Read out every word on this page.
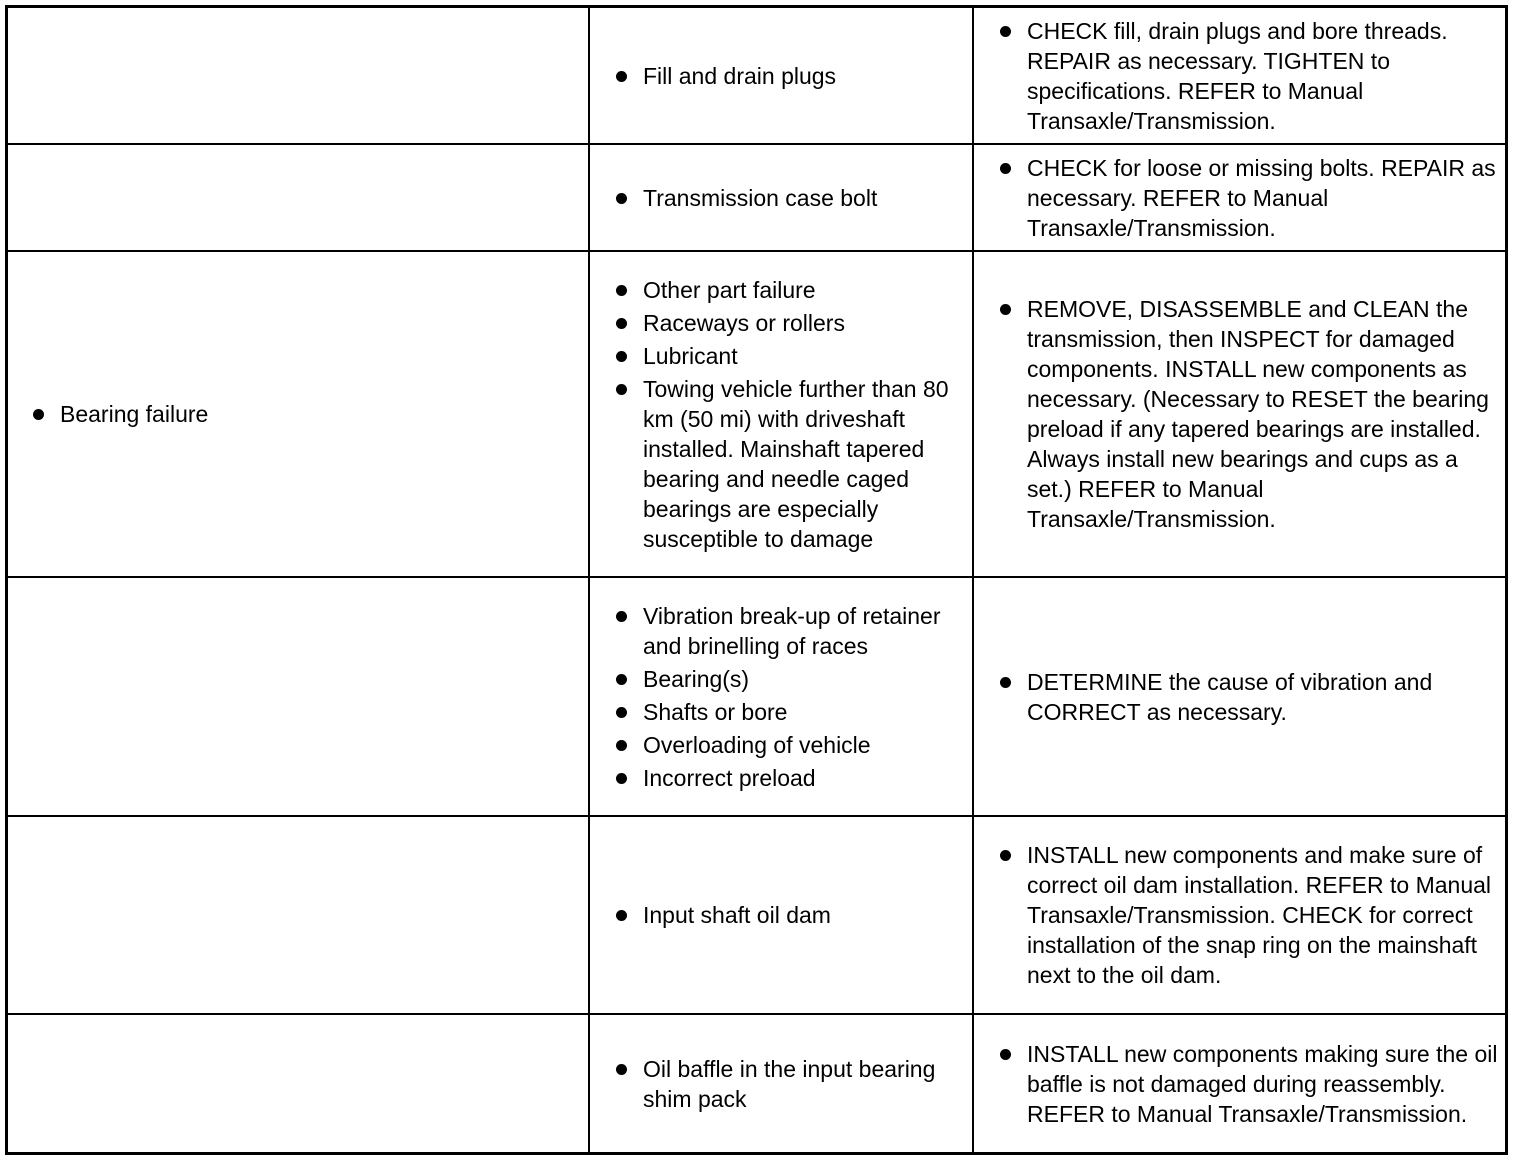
Fill and drain plugs
CHECK fill, drain plugs and bore threads. REPAIR as necessary. TIGHTEN to specifications. REFER to Manual Transaxle/Transmission.
Transmission case bolt
CHECK for loose or missing bolts. REPAIR as necessary. REFER to Manual Transaxle/Transmission.
Bearing failure
Other part failure
Raceways or rollers
Lubricant
Towing vehicle further than 80 km (50 mi) with driveshaft installed. Mainshaft tapered bearing and needle caged bearings are especially susceptible to damage
REMOVE, DISASSEMBLE and CLEAN the transmission, then INSPECT for damaged components. INSTALL new components as necessary. (Necessary to RESET the bearing preload if any tapered bearings are installed. Always install new bearings and cups as a set.) REFER to Manual Transaxle/Transmission.
Vibration break-up of retainer and brinelling of races
Bearing(s)
Shafts or bore
Overloading of vehicle
Incorrect preload
DETERMINE the cause of vibration and CORRECT as necessary.
Input shaft oil dam
INSTALL new components and make sure of correct oil dam installation. REFER to Manual Transaxle/Transmission. CHECK for correct installation of the snap ring on the mainshaft next to the oil dam.
Oil baffle in the input bearing shim pack
INSTALL new components making sure the oil baffle is not damaged during reassembly. REFER to Manual Transaxle/Transmission.
